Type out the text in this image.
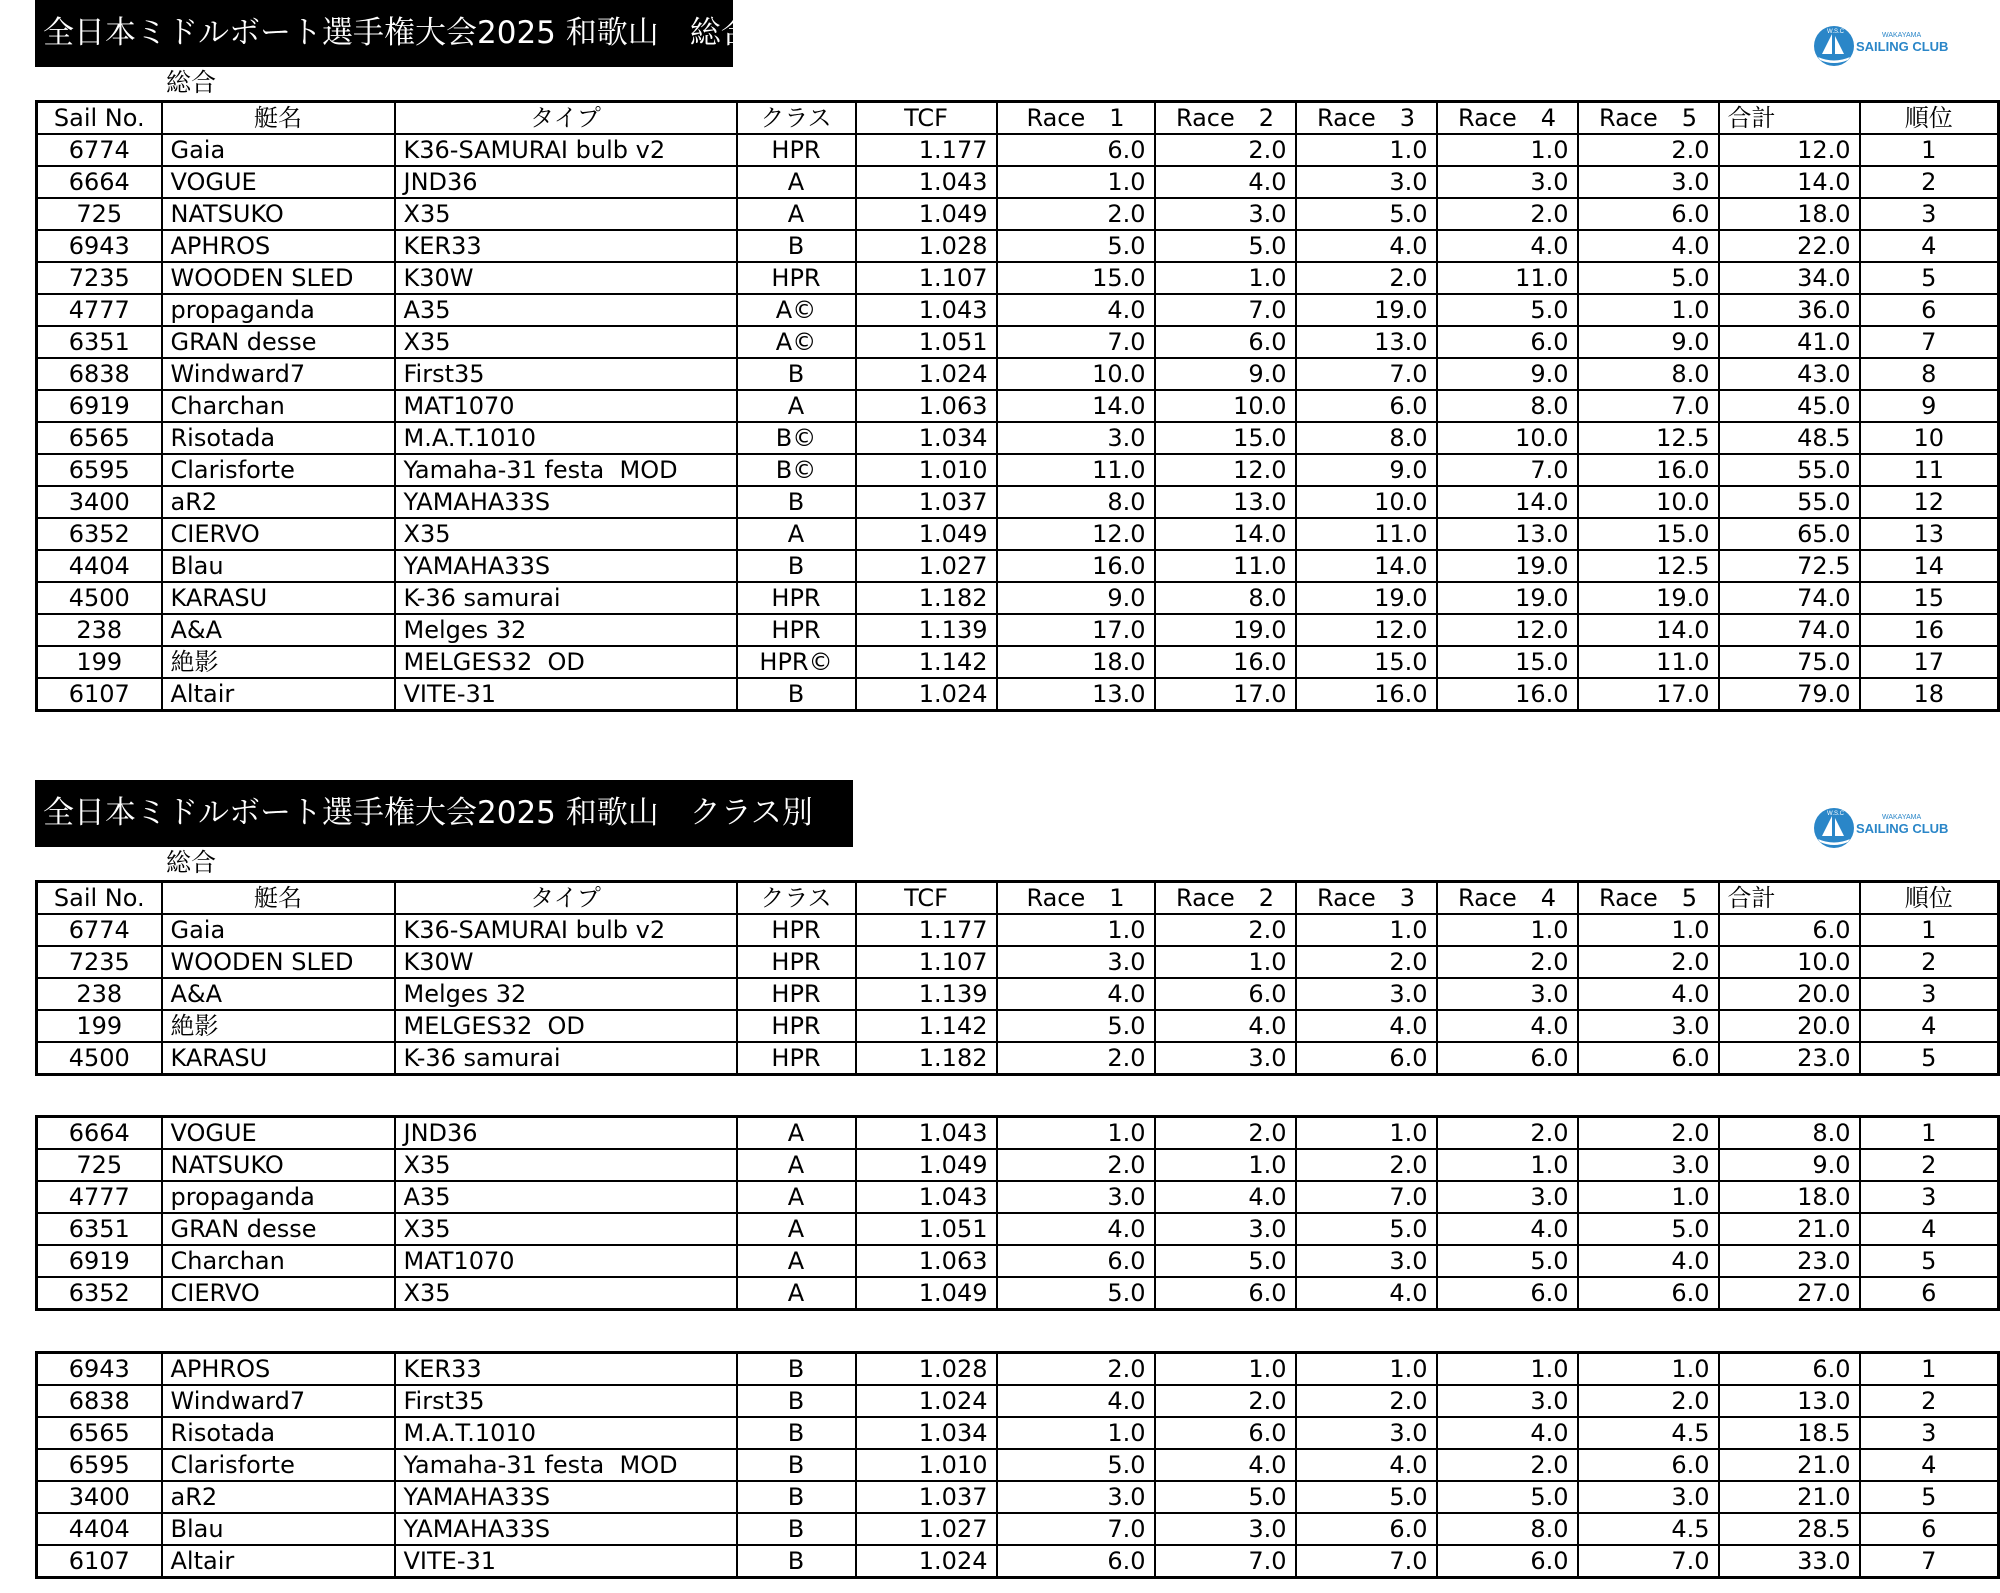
全日本ミドルボート選手権大会2025 和歌山　総合	W.S.C	WAKAYAMA
SAILING CLUB
総合
Sail No.	艇名	タイプ	クラス	TCF	Race　1	Race　2	Race　3	Race　4	Race　5	合計	順位
6774	Gaia	K36-SAMURAI bulb v2	HPR	1.177	6.0	2.0	1.0	1.0	2.0	12.0	1
6664	VOGUE	JND36	A	1.043	1.0	4.0	3.0	3.0	3.0	14.0	2
725	NATSUKO	X35	A	1.049	2.0	3.0	5.0	2.0	6.0	18.0	3
6943	APHROS	KER33	B	1.028	5.0	5.0	4.0	4.0	4.0	22.0	4
7235	WOODEN SLED	K30W	HPR	1.107	15.0	1.0	2.0	11.0	5.0	34.0	5
4777	propaganda	A35	A©	1.043	4.0	7.0	19.0	5.0	1.0	36.0	6
6351	GRAN desse	X35	A©	1.051	7.0	6.0	13.0	6.0	9.0	41.0	7
6838	Windward7	First35	B	1.024	10.0	9.0	7.0	9.0	8.0	43.0	8
6919	Charchan	MAT1070	A	1.063	14.0	10.0	6.0	8.0	7.0	45.0	9
6565	Risotada	M.A.T.1010	B©	1.034	3.0	15.0	8.0	10.0	12.5	48.5	10
6595	Clarisforte	Yamaha-31 festa  MOD	B©	1.010	11.0	12.0	9.0	7.0	16.0	55.0	11
3400	aR2	YAMAHA33S	B	1.037	8.0	13.0	10.0	14.0	10.0	55.0	12
6352	CIERVO	X35	A	1.049	12.0	14.0	11.0	13.0	15.0	65.0	13
4404	Blau	YAMAHA33S	B	1.027	16.0	11.0	14.0	19.0	12.5	72.5	14
4500	KARASU	K-36 samurai	HPR	1.182	9.0	8.0	19.0	19.0	19.0	74.0	15
238	A&A	Melges 32	HPR	1.139	17.0	19.0	12.0	12.0	14.0	74.0	16
199	絶影	MELGES32  OD	HPR©	1.142	18.0	16.0	15.0	15.0	11.0	75.0	17
6107	Altair	VITE-31	B	1.024	13.0	17.0	16.0	16.0	17.0	79.0	18
全日本ミドルボート選手権大会2025 和歌山　クラス別	W.S.C	WAKAYAMA
SAILING CLUB
総合
Sail No.	艇名	タイプ	クラス	TCF	Race　1	Race　2	Race　3	Race　4	Race　5	合計	順位
6774	Gaia	K36-SAMURAI bulb v2	HPR	1.177	1.0	2.0	1.0	1.0	1.0	6.0	1
7235	WOODEN SLED	K30W	HPR	1.107	3.0	1.0	2.0	2.0	2.0	10.0	2
238	A&A	Melges 32	HPR	1.139	4.0	6.0	3.0	3.0	4.0	20.0	3
199	絶影	MELGES32  OD	HPR	1.142	5.0	4.0	4.0	4.0	3.0	20.0	4
4500	KARASU	K-36 samurai	HPR	1.182	2.0	3.0	6.0	6.0	6.0	23.0	5
6664	VOGUE	JND36	A	1.043	1.0	2.0	1.0	2.0	2.0	8.0	1
725	NATSUKO	X35	A	1.049	2.0	1.0	2.0	1.0	3.0	9.0	2
4777	propaganda	A35	A	1.043	3.0	4.0	7.0	3.0	1.0	18.0	3
6351	GRAN desse	X35	A	1.051	4.0	3.0	5.0	4.0	5.0	21.0	4
6919	Charchan	MAT1070	A	1.063	6.0	5.0	3.0	5.0	4.0	23.0	5
6352	CIERVO	X35	A	1.049	5.0	6.0	4.0	6.0	6.0	27.0	6
6943	APHROS	KER33	B	1.028	2.0	1.0	1.0	1.0	1.0	6.0	1
6838	Windward7	First35	B	1.024	4.0	2.0	2.0	3.0	2.0	13.0	2
6565	Risotada	M.A.T.1010	B	1.034	1.0	6.0	3.0	4.0	4.5	18.5	3
6595	Clarisforte	Yamaha-31 festa  MOD	B	1.010	5.0	4.0	4.0	2.0	6.0	21.0	4
3400	aR2	YAMAHA33S	B	1.037	3.0	5.0	5.0	5.0	3.0	21.0	5
4404	Blau	YAMAHA33S	B	1.027	7.0	3.0	6.0	8.0	4.5	28.5	6
6107	Altair	VITE-31	B	1.024	6.0	7.0	7.0	6.0	7.0	33.0	7
